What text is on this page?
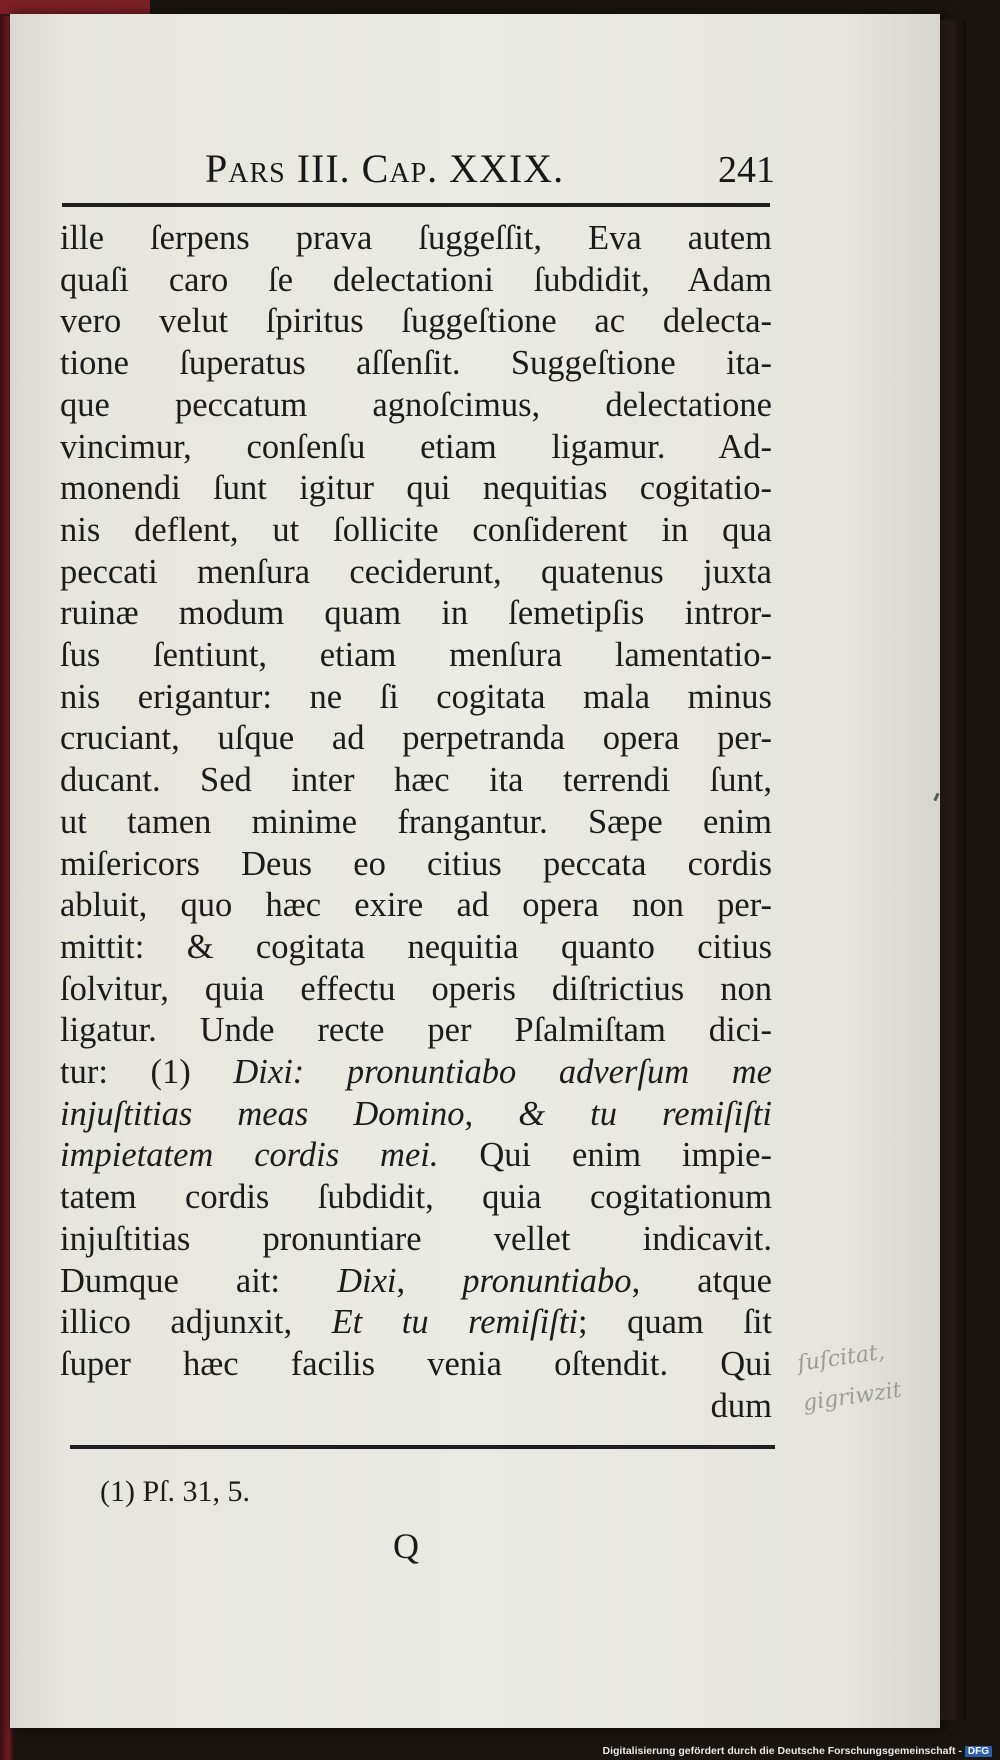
Pars III. Cap. XXIX.	241
ille ſerpens prava ſuggeſſit, Eva autem
quaſi caro ſe delectationi ſubdidit, Adam
vero velut ſpiritus ſuggeſtione ac delecta-
tione ſuperatus aſſenſit. Suggeſtione ita-
que peccatum agnoſcimus, delectatione
vincimur, conſenſu etiam ligamur. Ad-
monendi ſunt igitur qui nequitias cogitatio-
nis deflent, ut ſollicite conſiderent in qua
peccati menſura ceciderunt, quatenus juxta
ruinæ modum quam in ſemetipſis intror-
ſus ſentiunt, etiam menſura lamentatio-
nis erigantur: ne ſi cogitata mala minus
cruciant, uſque ad perpetranda opera per-
ducant. Sed inter hæc ita terrendi ſunt,
ut tamen minime frangantur. Sæpe enim
miſericors Deus eo citius peccata cordis
abluit, quo hæc exire ad opera non per-
mittit: & cogitata nequitia quanto citius
ſolvitur, quia effectu operis diſtrictius non
ligatur. Unde recte per Pſalmiſtam dici-
tur: (1) Dixi: pronuntiabo adverſum me
injuſtitias meas Domino, & tu remiſiſti
impietatem cordis mei. Qui enim impie-
tatem cordis ſubdidit, quia cogitationum
injuſtitias pronuntiare vellet indicavit.
Dumque ait: Dixi, pronuntiabo, atque
illico adjunxit, Et tu remiſiſti; quam ſit
ſuper hæc facilis venia oſtendit. Qui
dum
(1) Pſ. 31, 5.
Q
ſuſcitat,
gigriwzit
Digitalisierung gefördert durch die Deutsche Forschungsgemeinschaft - DFG
